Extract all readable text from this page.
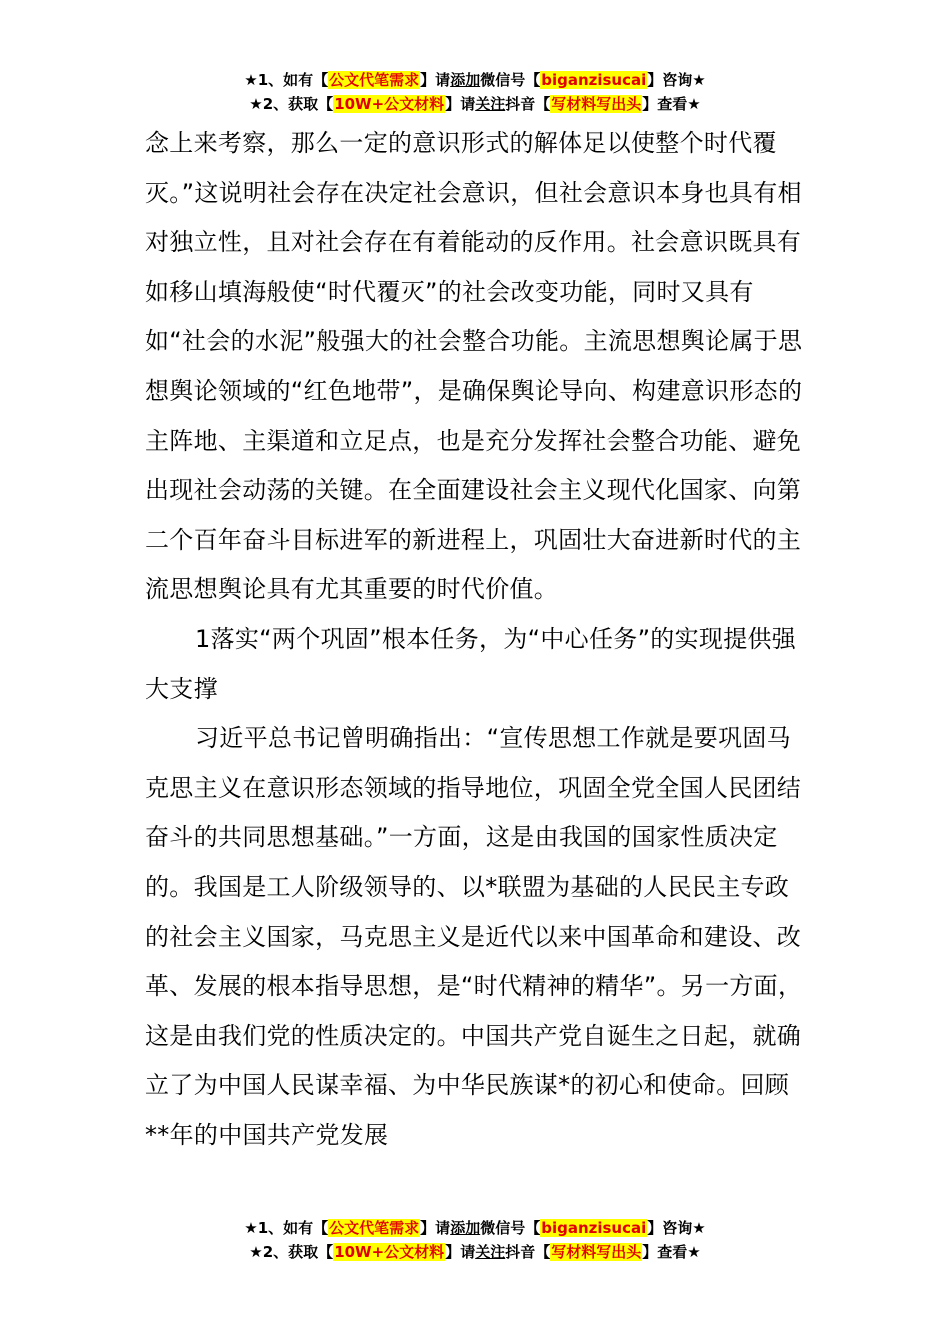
★1、如有【公文代笔需求】请添加微信号【biganzisucai】咨询★
★2、获取【10W+公文材料】请关注抖音【写材料写出头】查看★

念上来考察，那么一定的意识形式的解体足以使整个时代覆灭。”这说明社会存在决定社会意识，但社会意识本身也具有相对独立性，且对社会存在有着能动的反作用。社会意识既具有如移山填海般使“时代覆灭”的社会改变功能，同时又具有如“社会的水泥”般强大的社会整合功能。主流思想舆论属于思想舆论领域的“红色地带”，是确保舆论导向、构建意识形态的主阵地、主渠道和立足点，也是充分发挥社会整合功能、避免出现社会动荡的关键。在全面建设社会主义现代化国家、向第二个百年奋斗目标进军的新进程上，巩固壮大奋进新时代的主流思想舆论具有尤其重要的时代价值。

1落实“两个巩固”根本任务，为“中心任务”的实现提供强大支撑

习近平总书记曾明确指出：“宣传思想工作就是要巩固马克思主义在意识形态领域的指导地位，巩固全党全国人民团结奋斗的共同思想基础。”一方面，这是由我国的国家性质决定的。我国是工人阶级领导的、以*联盟为基础的人民民主专政的社会主义国家，马克思主义是近代以来中国革命和建设、改革、发展的根本指导思想，是“时代精神的精华”。另一方面，这是由我们党的性质决定的。中国共产党自诞生之日起，就确立了为中国人民谋幸福、为中华民族谋*的初心和使命。回顾**年的中国共产党发展

★1、如有【公文代笔需求】请添加微信号【biganzisucai】咨询★
★2、获取【10W+公文材料】请关注抖音【写材料写出头】查看★
